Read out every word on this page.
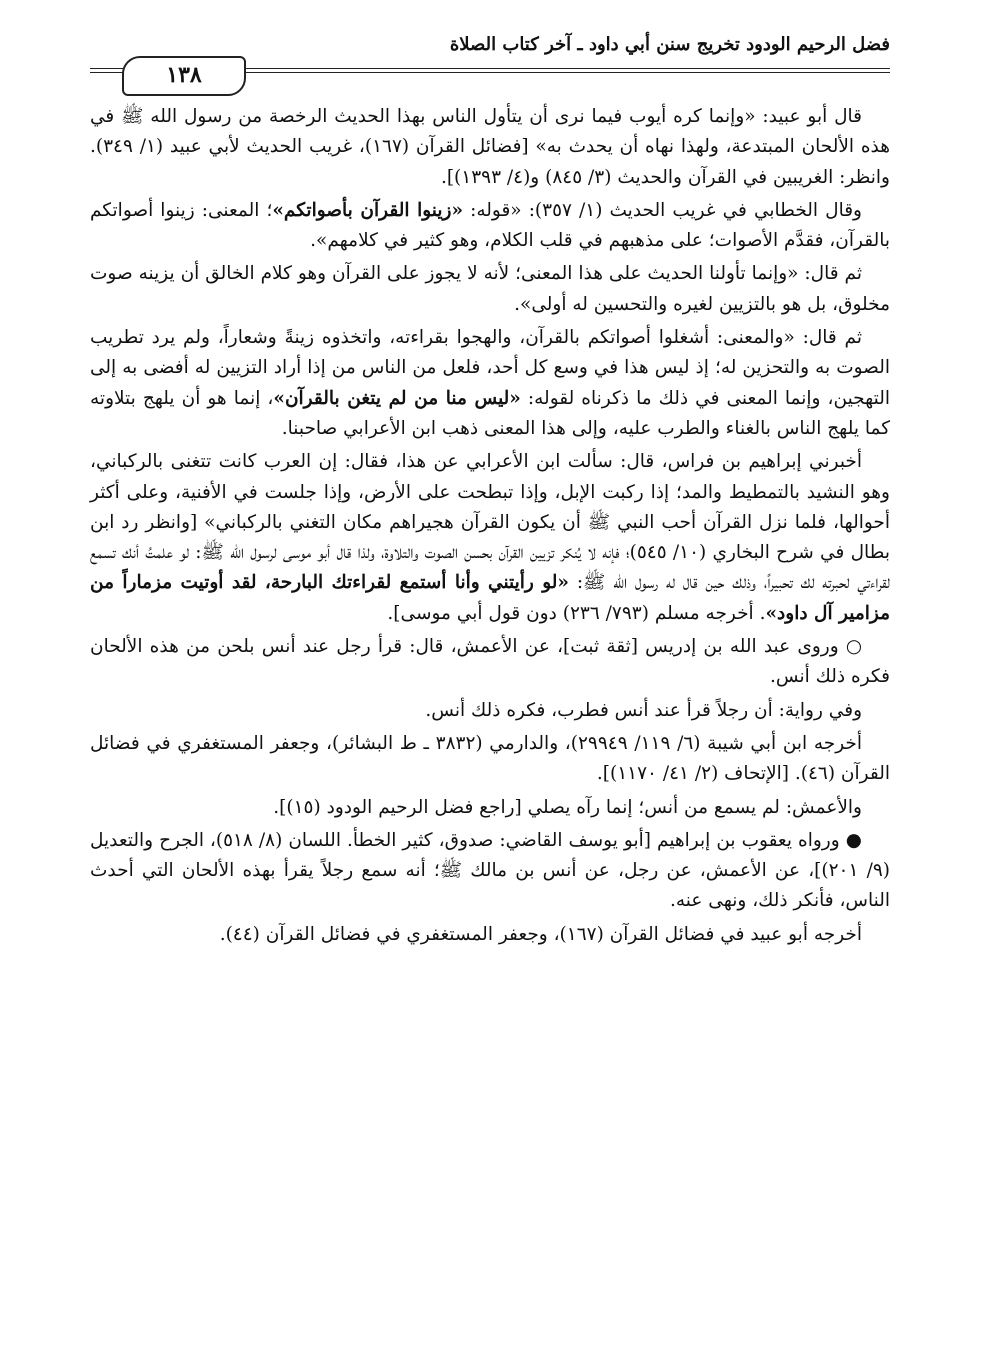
فضل الرحيم الودود تخريج سنن أبي داود ـ آخر كتاب الصلاة
١٣٨

قال أبو عبيد: «وإنما كره أيوب فيما نرى أن يتأول الناس بهذا الحديث الرخصة من رسول الله ﷺ في هذه الألحان المبتدعة، ولهذا نهاه أن يحدث به» [فضائل القرآن (١٦٧)، غريب الحديث لأبي عبيد (١/ ٣٤٩). وانظر: الغريبين في القرآن والحديث (٣/ ٨٤٥) و(٤/ ١٣٩٣)].

وقال الخطابي في غريب الحديث (١/ ٣٥٧): «قوله: «زينوا القرآن بأصواتكم»؛ المعنى: زينوا أصواتكم بالقرآن، فقدَّم الأصوات؛ على مذهبهم في قلب الكلام، وهو كثير في كلامهم».

ثم قال: «وإنما تأولنا الحديث على هذا المعنى؛ لأنه لا يجوز على القرآن وهو كلام الخالق أن يزينه صوت مخلوق، بل هو بالتزيين لغيره والتحسين له أولى».

ثم قال: «والمعنى: أشغلوا أصواتكم بالقرآن، والهجوا بقراءته، واتخذوه زينةً وشعاراً، ولم يرد تطريب الصوت به والتحزين له؛ إذ ليس هذا في وسع كل أحد، فلعل من الناس من إذا أراد التزيين له أفضى به إلى التهجين، وإنما المعنى في ذلك ما ذكرناه لقوله: «ليس منا من لم يتغن بالقرآن»، إنما هو أن يلهج بتلاوته كما يلهج الناس بالغناء والطرب عليه، وإلى هذا المعنى ذهب ابن الأعرابي صاحبنا.

أخبرني إبراهيم بن فراس، قال: سألت ابن الأعرابي عن هذا، فقال: إن العرب كانت تتغنى بالركباني، وهو النشيد بالتمطيط والمد؛ إذا ركبت الإبل، وإذا تبطحت على الأرض، وإذا جلست في الأفنية، وعلى أكثر أحوالها، فلما نزل القرآن أحب النبي ﷺ أن يكون القرآن هجيراهم مكان التغني بالركباني» [وانظر رد ابن بطال في شرح البخاري (١٠/ ٥٤٥)؛ فإنه لا يُنكر تزيين القرآن بحسن الصوت والتلاوة، ولذا قال أبو موسى لرسول الله ﷺ: لو علمتُ أنك تسمع لقراءتي لحبرته لك تحبيراً، وذلك حين قال له رسول الله ﷺ: «لو رأيتني وأنا أستمع لقراءتك البارحة، لقد أوتيت مزماراً من مزامير آل داود». أخرجه مسلم (٧٩٣/ ٢٣٦) دون قول أبي موسى].

○ وروى عبد الله بن إدريس [ثقة ثبت]، عن الأعمش، قال: قرأ رجل عند أنس بلحن من هذه الألحان فكره ذلك أنس.

وفي رواية: أن رجلاً قرأ عند أنس فطرب، فكره ذلك أنس.

أخرجه ابن أبي شيبة (٦/ ١١٩/ ٢٩٩٤٩)، والدارمي (٣٨٣٢ ـ ط البشائر)، وجعفر المستغفري في فضائل القرآن (٤٦). [الإتحاف (٢/ ٤١/ ١١٧٠)].

والأعمش: لم يسمع من أنس؛ إنما رآه يصلي [راجع فضل الرحيم الودود (١٥)].

● ورواه يعقوب بن إبراهيم [أبو يوسف القاضي: صدوق، كثير الخطأ. اللسان (٨/ ٥١٨)، الجرح والتعديل (٩/ ٢٠١)]، عن الأعمش، عن رجل، عن أنس بن مالك ﷺ؛ أنه سمع رجلاً يقرأ بهذه الألحان التي أحدث الناس، فأنكر ذلك، ونهى عنه.

أخرجه أبو عبيد في فضائل القرآن (١٦٧)، وجعفر المستغفري في فضائل القرآن (٤٤).
